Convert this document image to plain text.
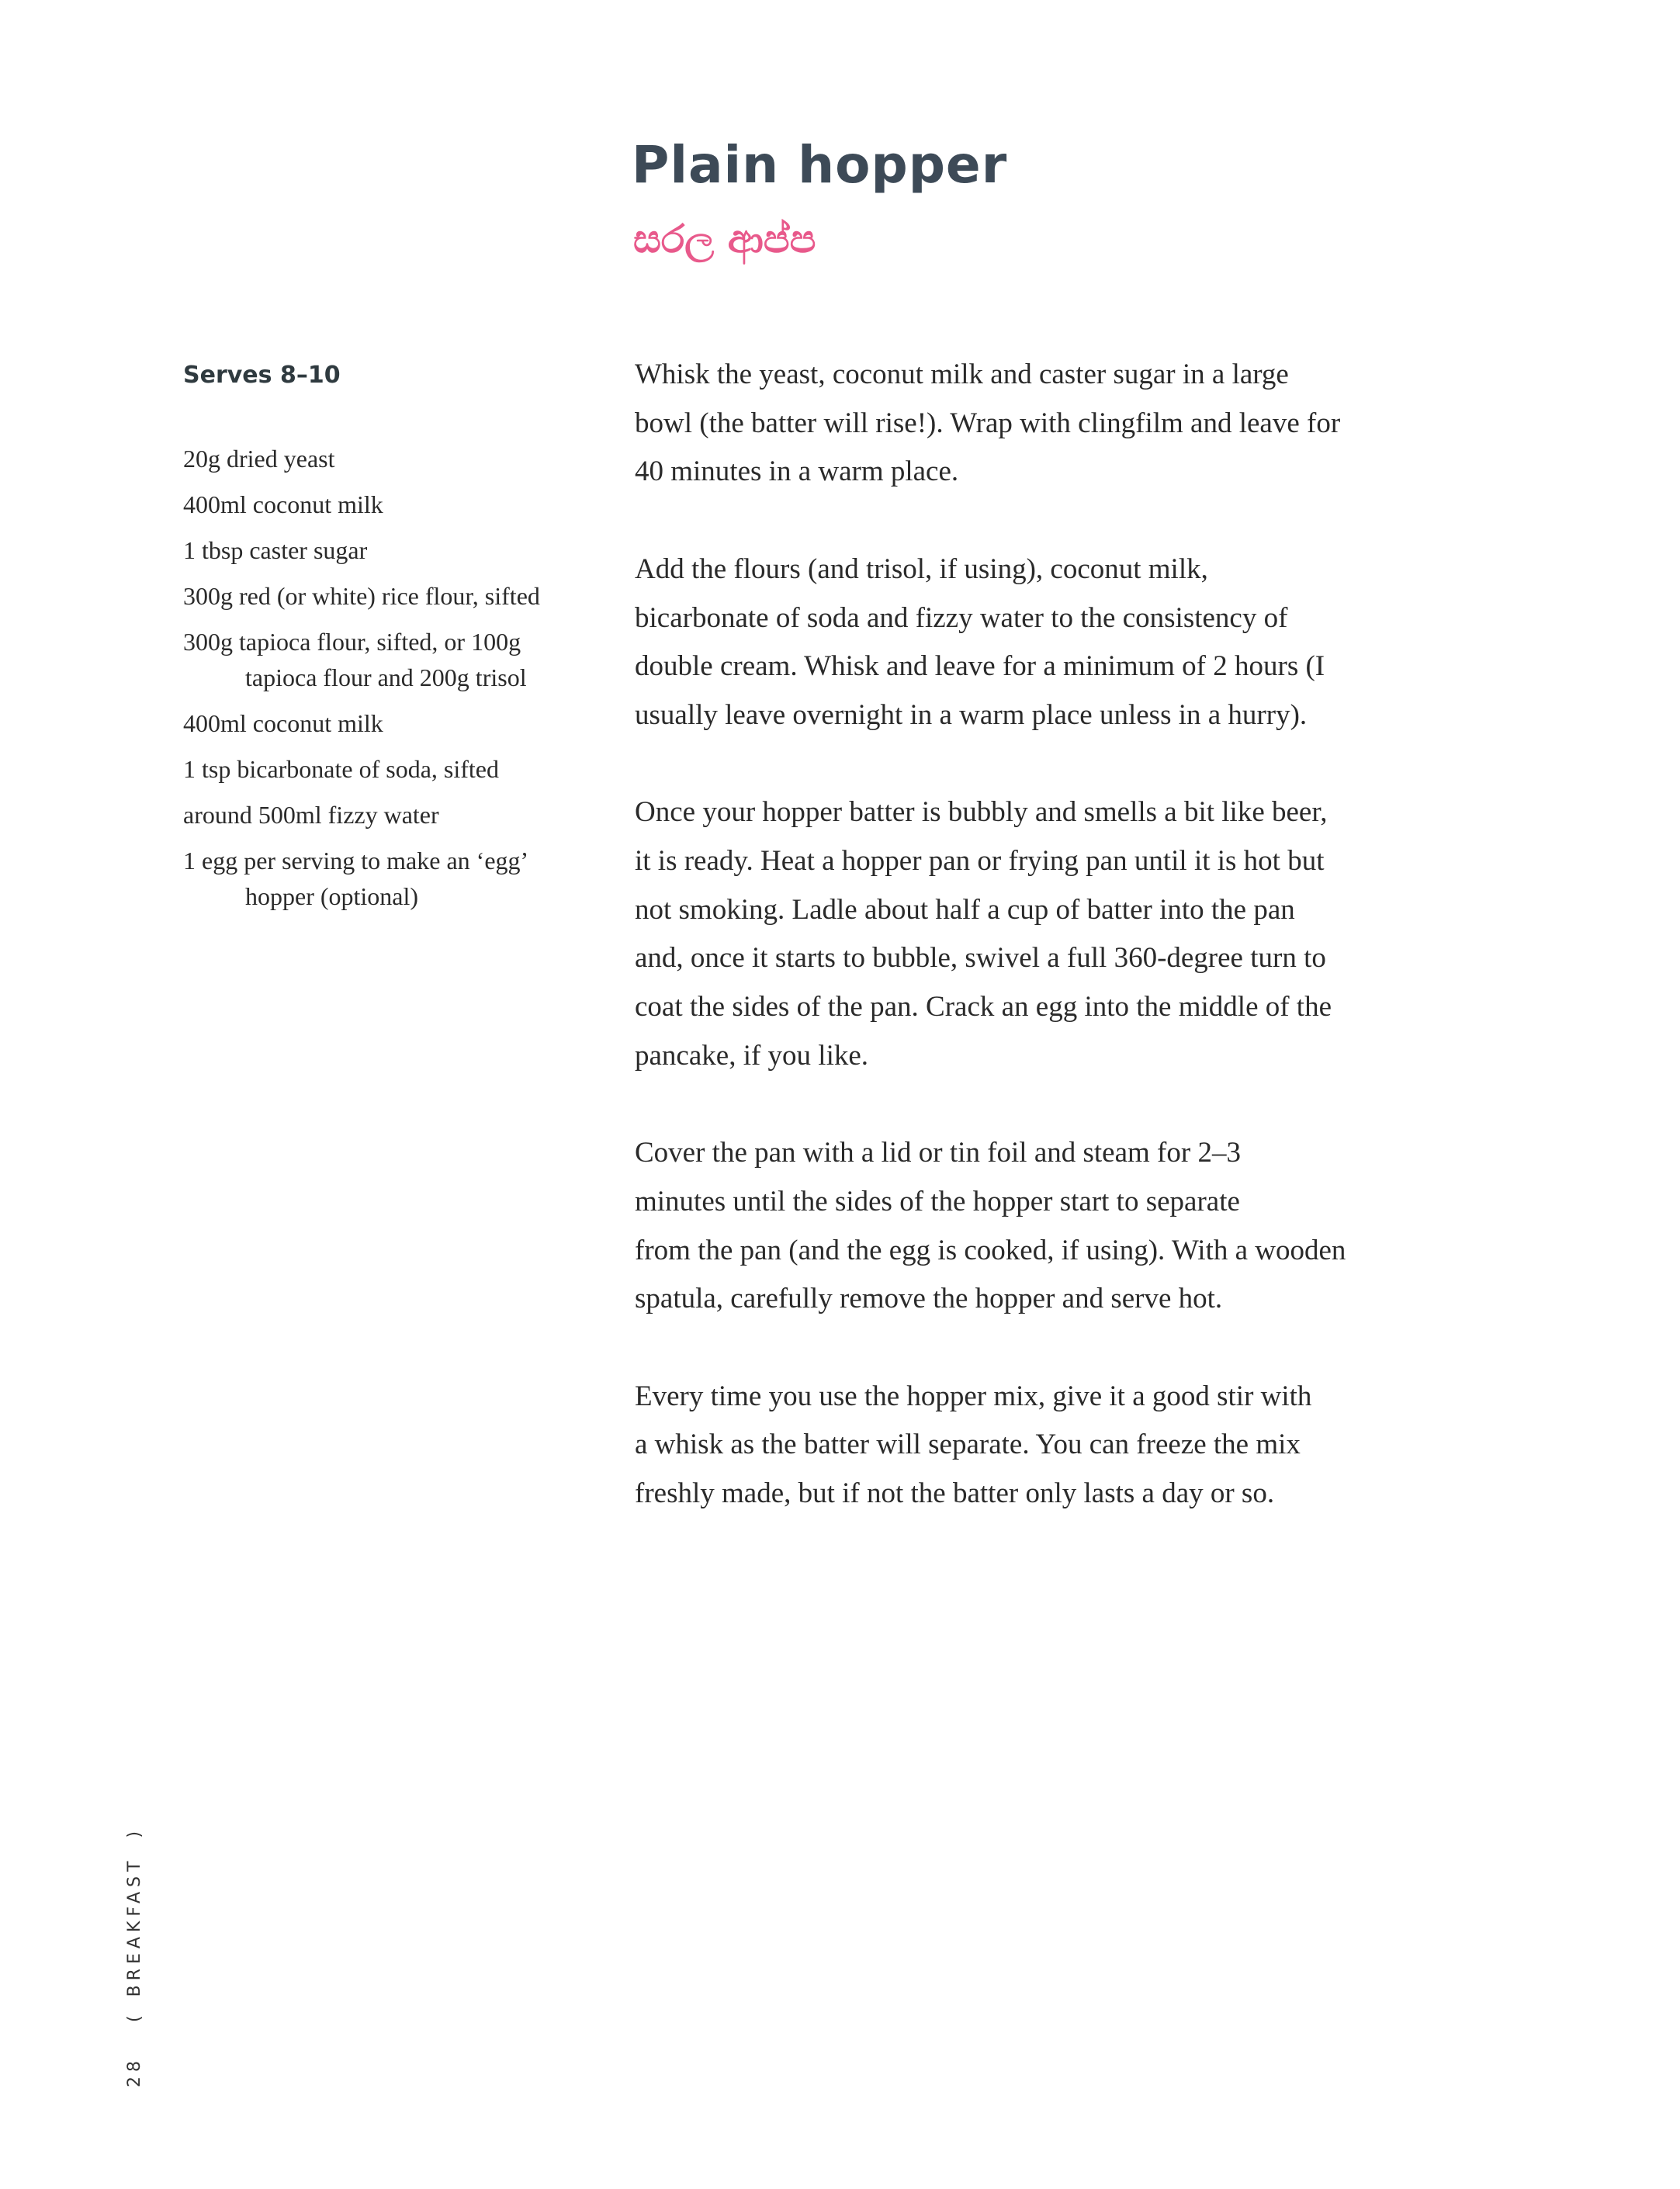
Plain hopper
සරල ආප්ප
Serves 8–10
20g dried yeast
400ml coconut milk
1 tbsp caster sugar
300g red (or white) rice flour, sifted
300g tapioca flour, sifted, or 100g tapioca flour and 200g trisol
400ml coconut milk
1 tsp bicarbonate of soda, sifted
around 500ml fizzy water
1 egg per serving to make an ‘egg’ hopper (optional)

Whisk the yeast, coconut milk and caster sugar in a large
bowl (the batter will rise!). Wrap with clingfilm and leave for
40 minutes in a warm place.

Add the flours (and trisol, if using), coconut milk,
bicarbonate of soda and fizzy water to the consistency of
double cream. Whisk and leave for a minimum of 2 hours (I
usually leave overnight in a warm place unless in a hurry).

Once your hopper batter is bubbly and smells a bit like beer,
it is ready. Heat a hopper pan or frying pan until it is hot but
not smoking. Ladle about half a cup of batter into the pan
and, once it starts to bubble, swivel a full 360-degree turn to
coat the sides of the pan. Crack an egg into the middle of the
pancake, if you like.

Cover the pan with a lid or tin foil and steam for 2–3
minutes until the sides of the hopper start to separate
from the pan (and the egg is cooked, if using). With a wooden
spatula, carefully remove the hopper and serve hot.

Every time you use the hopper mix, give it a good stir with
a whisk as the batter will separate. You can freeze the mix
freshly made, but if not the batter only lasts a day or so.

28(BREAKFAST)
